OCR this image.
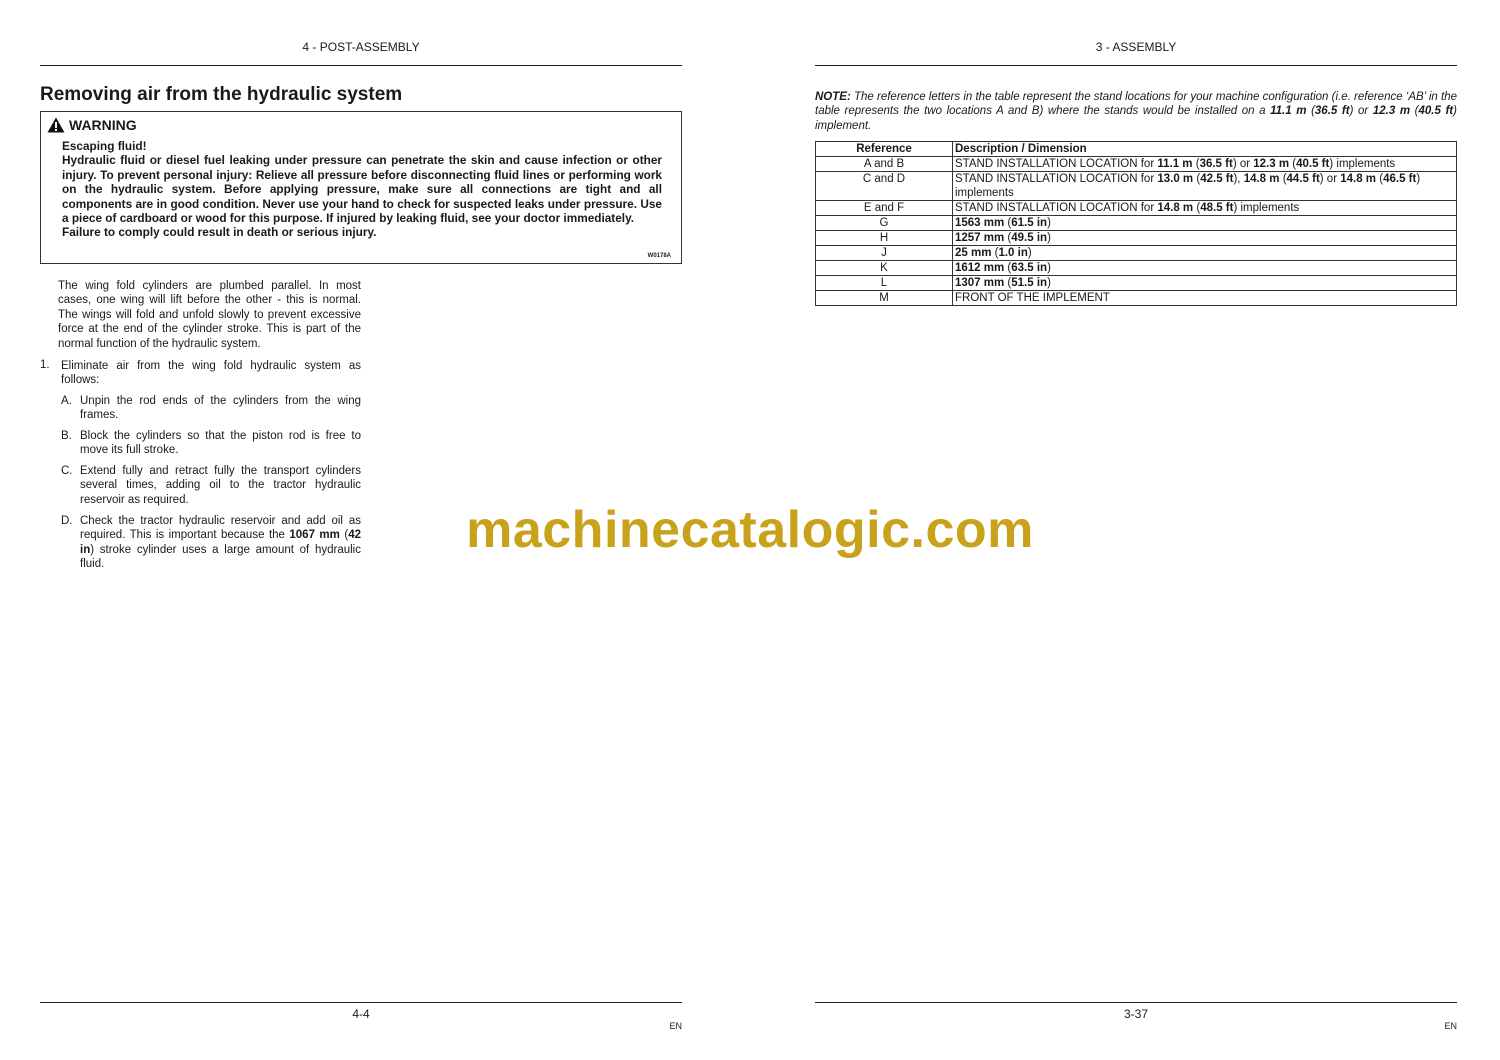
4 - POST-ASSEMBLY
Removing air from the hydraulic system
WARNING

Escaping fluid!

Hydraulic fluid or diesel fuel leaking under pressure can penetrate the skin and cause infection or other injury. To prevent personal injury: Relieve all pressure before disconnecting fluid lines or performing work on the hydraulic system. Before applying pressure, make sure all connections are tight and all components are in good condition. Never use your hand to check for suspected leaks under pressure. Use a piece of cardboard or wood for this purpose. If injured by leaking fluid, see your doctor immediately.

Failure to comply could result in death or serious injury.

W0178A
The wing fold cylinders are plumbed parallel. In most cases, one wing will lift before the other - this is normal. The wings will fold and unfold slowly to prevent excessive force at the end of the cylinder stroke. This is part of the normal function of the hydraulic system.
1. Eliminate air from the wing fold hydraulic system as follows:
A. Unpin the rod ends of the cylinders from the wing frames.
B. Block the cylinders so that the piston rod is free to move its full stroke.
C. Extend fully and retract fully the transport cylinders several times, adding oil to the tractor hydraulic reservoir as required.
D. Check the tractor hydraulic reservoir and add oil as required. This is important because the 1067 mm (42 in) stroke cylinder uses a large amount of hydraulic fluid.
4-4
EN
3 - ASSEMBLY
NOTE: The reference letters in the table represent the stand locations for your machine configuration (i.e. reference ‘AB’ in the table represents the two locations A and B) where the stands would be installed on a 11.1 m (36.5 ft) or 12.3 m (40.5 ft) implement.
Reference	Description / Dimension
A and B	STAND INSTALLATION LOCATION for 11.1 m (36.5 ft) or 12.3 m (40.5 ft) implements
C and D	STAND INSTALLATION LOCATION for 13.0 m (42.5 ft), 14.8 m (44.5 ft) or 14.8 m (46.5 ft) implements
E and F	STAND INSTALLATION LOCATION for 14.8 m (48.5 ft) implements
G	1563 mm (61.5 in)
H	1257 mm (49.5 in)
J	25 mm (1.0 in)
K	1612 mm (63.5 in)
L	1307 mm (51.5 in)
M	FRONT OF THE IMPLEMENT
3-37
EN
machinecatalogic.com
